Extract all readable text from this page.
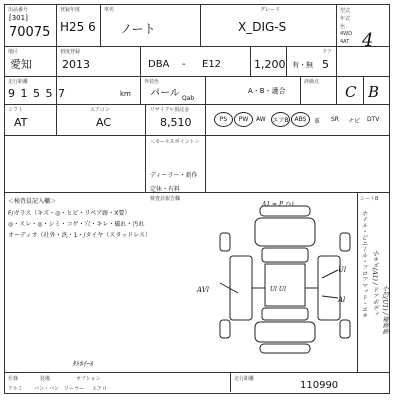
出品番号
[301]
70075
登録年度
H25 6
車名
ノート
グレード
X_DIG-S
型式
年式
色
4WD
4AT 4
地区
愛知
初度登録
2013	DBA - E12	1,200 有・無
ドア
5
走行距離
9 1 5 5 7	km
外装色
パール Qab
A・B・適合
評価点
C B
シフト
AT
エアコン
AC
リサイクル預託金
8,510	PS	PW	AW エアB ABS	革 SR ナビ DTV
＜セールスポイント＞
ディーラー・新作
定休・有料
検査員報告欄	シートB
＜検査員記入欄＞
F/ガラス（キズ・◎・ヒビ・リペア跡・X要）
◎・スレ・◎・シミ・コゲ・穴・キレ・破れ・汚れ
オーディオ（社外・汎・1・/タイヤ（スタッドレス）
A1 = P ｱｯﾄ
AVl	Ul Ul
Ul
Al
ﾀﾄﾎｲｰﾙ
ホイル・ビニール・フロアマット・エキ 小キズ(A1) / ドアボディ 小凹(U1) / 補修跡
仕様	装備	オプション
アルミ バン・バン ソーラー エアロ
走行距離
110990
